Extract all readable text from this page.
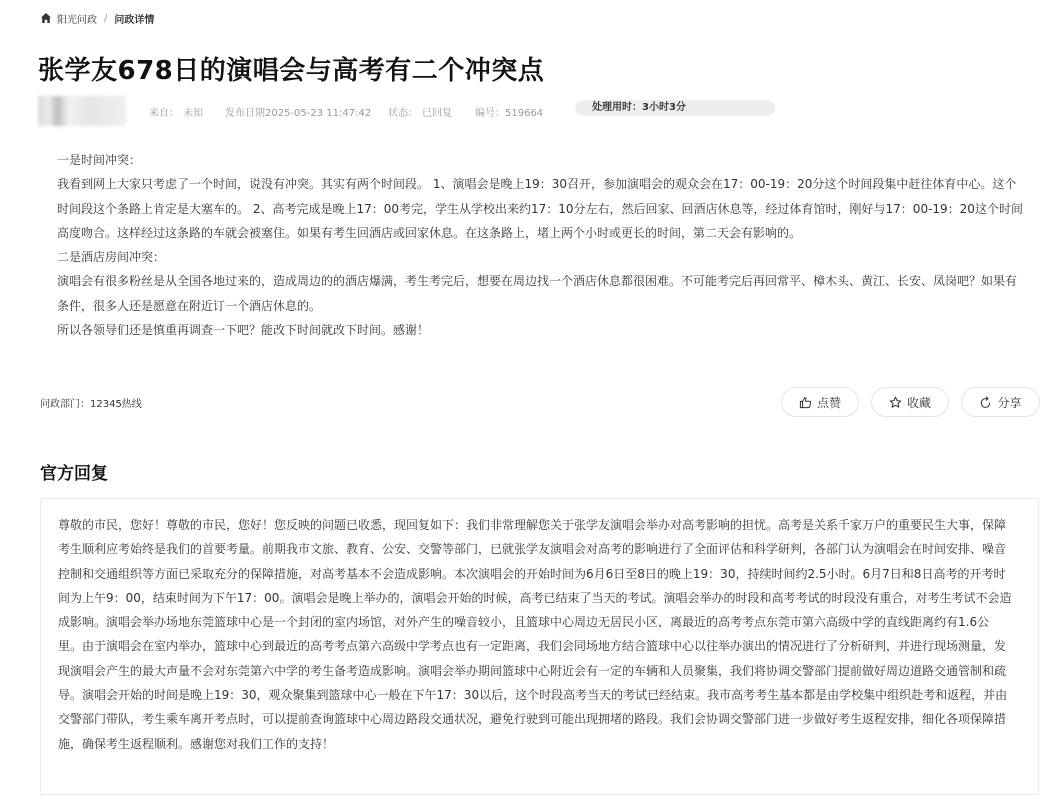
阳光问政 / 问政详情
张学友678日的演唱会与高考有二个冲突点
来自： 未知 发布日期2025-05-23 11:47:42 状态： 已回复 编号：519664
处理用时：3小时3分

一是时间冲突：

我看到网上大家只考虑了一个时间，说没有冲突。其实有两个时间段。 1、演唱会是晚上19：30召开，参加演唱会的观众会在17：00-19：20分这个时间段集中赶往体育中心。这个时间段这个条路上肯定是大塞车的。 2、高考完成是晚上17：00考完，学生从学校出来约17：10分左右，然后回家、回酒店休息等，经过体育馆时，刚好与17：00-19：20这个时间高度吻合。这样经过这条路的车就会被塞住。如果有考生回酒店或回家休息。在这条路上，堵上两个小时或更长的时间，第二天会有影响的。

二是酒店房间冲突：

演唱会有很多粉丝是从全国各地过来的，造成周边的的酒店爆满，考生考完后，想要在周边找一个酒店休息都很困难。不可能考完后再回常平、樟木头、黄江、长安、凤岗吧？如果有条件，很多人还是愿意在附近订一个酒店休息的。

所以各领导们还是慎重再调查一下吧？能改下时间就改下时间。感谢！

问政部门：12345热线	点赞	收藏	分享
官方回复

尊敬的市民，您好！尊敬的市民，您好！您反映的问题已收悉，现回复如下：我们非常理解您关于张学友演唱会举办对高考影响的担忧。高考是关系千家万户的重要民生大事，保障考生顺利应考始终是我们的首要考量。前期我市文旅、教育、公安、交警等部门，已就张学友演唱会对高考的影响进行了全面评估和科学研判，各部门认为演唱会在时间安排、噪音控制和交通组织等方面已采取充分的保障措施，对高考基本不会造成影响。本次演唱会的开始时间为6月6日至8日的晚上19：30，持续时间约2.5小时。6月7日和8日高考的开考时间为上午9：00，结束时间为下午17：00。演唱会是晚上举办的，演唱会开始的时候，高考已结束了当天的考试。演唱会举办的时段和高考考试的时段没有重合，对考生考试不会造成影响。演唱会举办场地东莞篮球中心是一个封闭的室内场馆，对外产生的噪音较小，且篮球中心周边无居民小区，离最近的高考考点东莞市第六高级中学的直线距离约有1.6公里。由于演唱会在室内举办，篮球中心到最近的高考考点第六高级中学考点也有一定距离，我们会同场地方结合篮球中心以往举办演出的情况进行了分析研判，并进行现场测量，发现演唱会产生的最大声量不会对东莞第六中学的考生备考造成影响。演唱会举办期间篮球中心附近会有一定的车辆和人员聚集，我们将协调交警部门提前做好周边道路交通管制和疏导。演唱会开始的时间是晚上19：30，观众聚集到篮球中心一般在下午17：30以后，这个时段高考当天的考试已经结束。我市高考考生基本都是由学校集中组织赴考和返程，并由交警部门带队，考生乘车离开考点时，可以提前查询篮球中心周边路段交通状况，避免行驶到可能出现拥堵的路段。我们会协调交警部门进一步做好考生返程安排，细化各项保障措施，确保考生返程顺利。感谢您对我们工作的支持！
